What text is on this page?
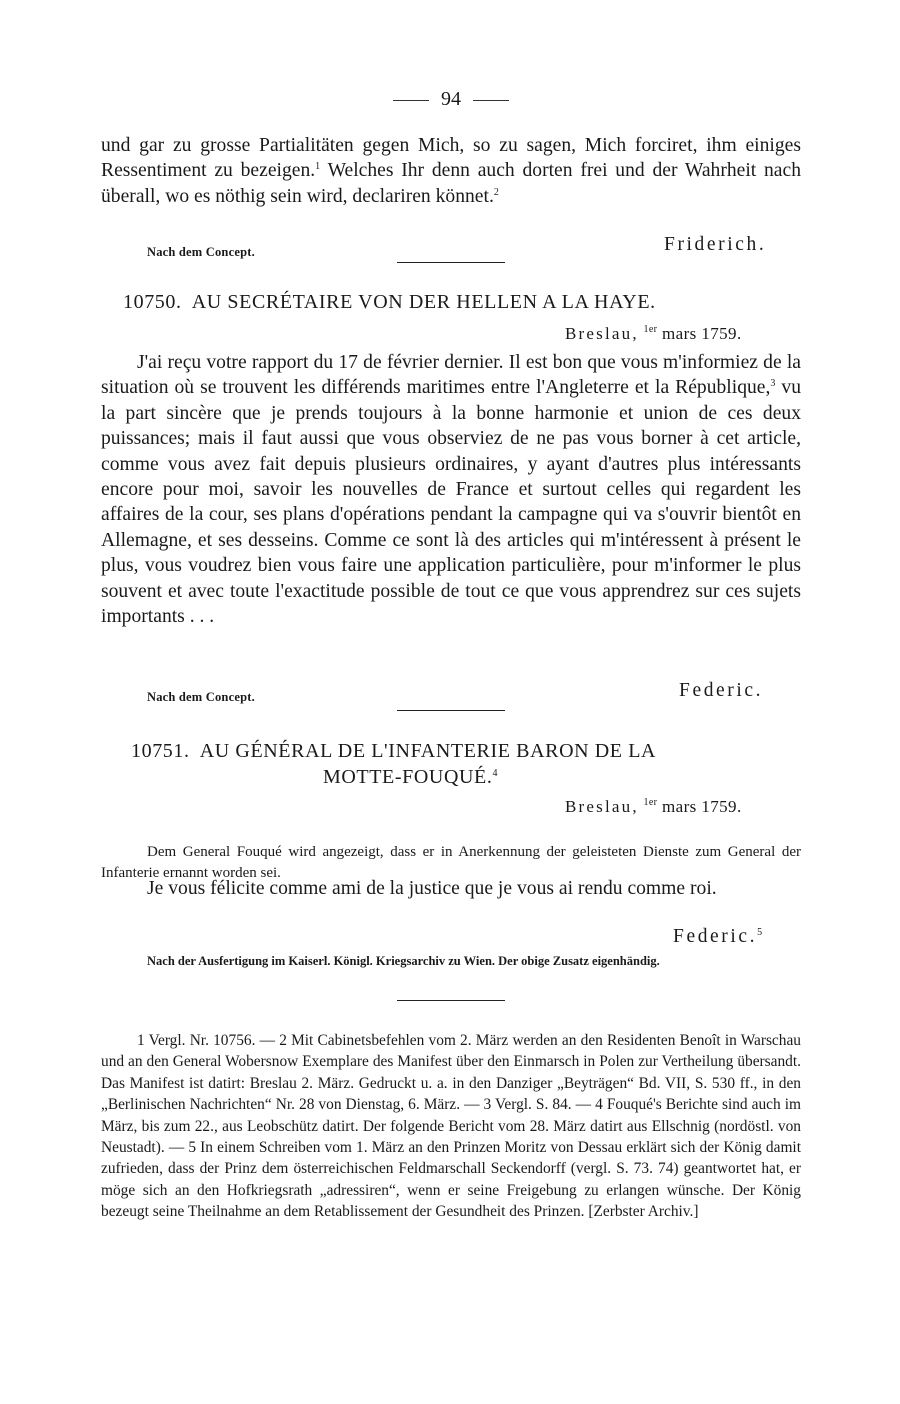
94

und gar zu grosse Partialitäten gegen Mich, so zu sagen, Mich forciret, ihm einiges Ressentiment zu bezeigen.$^1$ Welches Ihr denn auch dorten frei und der Wahrheit nach überall, wo es nöthig sein wird, declariren könnet.$^2$

Nach dem Concept.	Friderich.
10750. AU SECRÉTAIRE VON DER HELLEN A LA HAYE.
Breslau, $^{1er}$ mars 1759.

J'ai reçu votre rapport du 17 de février dernier. Il est bon que vous m'informiez de la situation où se trouvent les différends maritimes entre l'Angleterre et la République,$^3$ vu la part sincère que je prends toujours à la bonne harmonie et union de ces deux puissances; mais il faut aussi que vous observiez de ne pas vous borner à cet article, comme vous avez fait depuis plusieurs ordinaires, y ayant d'autres plus intéressants encore pour moi, savoir les nouvelles de France et surtout celles qui regardent les affaires de la cour, ses plans d'opérations pendant la campagne qui va s'ouvrir bientôt en Allemagne, et ses desseins. Comme ce sont là des articles qui m'intéressent à présent le plus, vous voudrez bien vous faire une application particulière, pour m'informer le plus souvent et avec toute l'exactitude possible de tout ce que vous apprendrez sur ces sujets importants . . .

Nach dem Concept.	Federic.
10751. AU GÉNÉRAL DE L'INFANTERIE BARON DE LA
MOTTE-FOUQUÉ.$^4$
Breslau, $^{1er}$ mars 1759.

Dem General Fouqué wird angezeigt, dass er in Anerkennung der geleisteten Dienste zum General der Infanterie ernannt worden sei.

Je vous félicite comme ami de la justice que je vous ai rendu comme roi.

Federic.$^5$

Nach der Ausfertigung im Kaiserl. Königl. Kriegsarchiv zu Wien. Der obige Zusatz eigenhändig.

1 Vergl. Nr. 10756. — 2 Mit Cabinetsbefehlen vom 2. März werden an den Residenten Benoît in Warschau und an den General Wobersnow Exemplare des Manifest über den Einmarsch in Polen zur Vertheilung übersandt. Das Manifest ist datirt: Breslau 2. März. Gedruckt u. a. in den Danziger „Beyträgen“ Bd. VII, S. 530 ff., in den „Berlinischen Nachrichten“ Nr. 28 von Dienstag, 6. März. — 3 Vergl. S. 84. — 4 Fouqué's Berichte sind auch im März, bis zum 22., aus Leobschütz datirt. Der folgende Bericht vom 28. März datirt aus Ellschnig (nordöstl. von Neustadt). — 5 In einem Schreiben vom 1. März an den Prinzen Moritz von Dessau erklärt sich der König damit zufrieden, dass der Prinz dem österreichischen Feldmarschall Seckendorff (vergl. S. 73. 74) geantwortet hat, er möge sich an den Hofkriegsrath „adressiren“, wenn er seine Freigebung zu erlangen wünsche. Der König bezeugt seine Theilnahme an dem Retablissement der Gesundheit des Prinzen. [Zerbster Archiv.]
